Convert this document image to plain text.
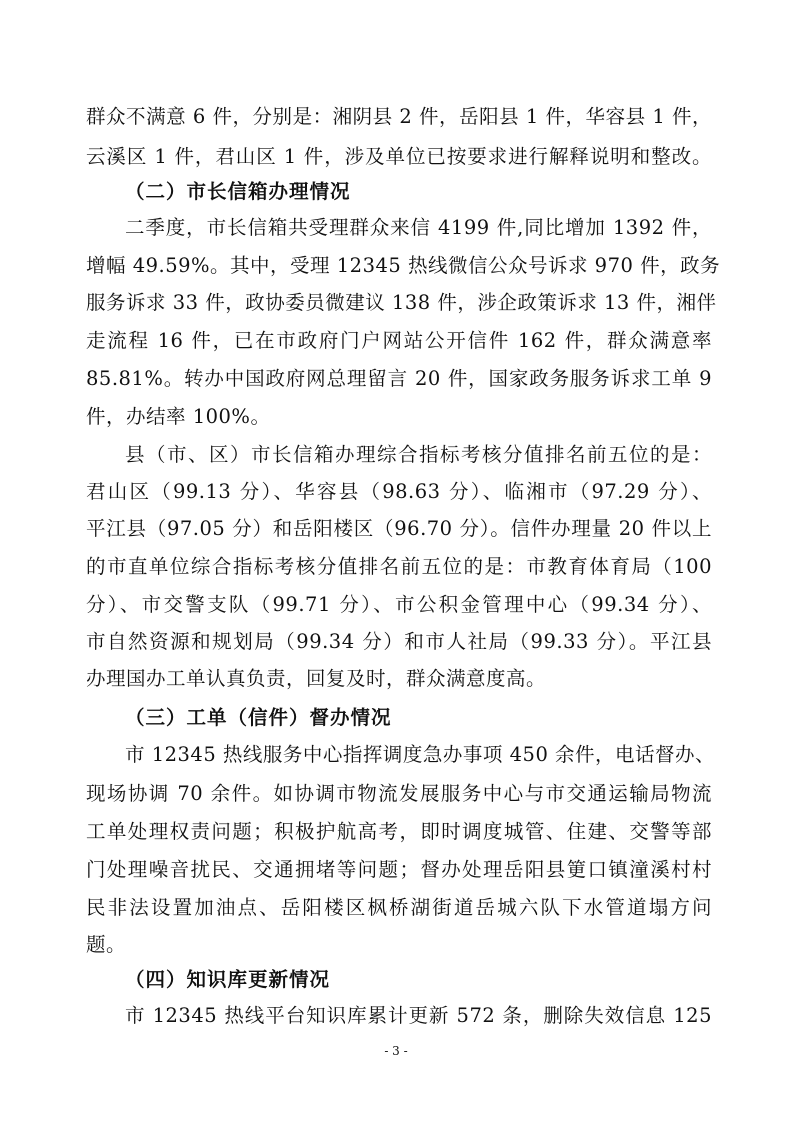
群众不满意 6 件，分别是：湘阴县 2 件，岳阳县 1 件，华容县 1 件，
云溪区 1 件，君山区 1 件，涉及单位已按要求进行解释说明和整改。
（二）市长信箱办理情况
二季度，市长信箱共受理群众来信 4199 件,同比增加 1392 件，
增幅 49.59%。其中，受理 12345 热线微信公众号诉求 970 件，政务
服务诉求 33 件，政协委员微建议 138 件，涉企政策诉求 13 件，湘伴
走流程 16 件，已在市政府门户网站公开信件 162 件，群众满意率
85.81%。转办中国政府网总理留言 20 件，国家政务服务诉求工单 9
件，办结率 100%。
县（市、区）市长信箱办理综合指标考核分值排名前五位的是：
君山区（99.13 分）、华容县（98.63 分）、临湘市（97.29 分）、
平江县（97.05 分）和岳阳楼区（96.70 分）。信件办理量 20 件以上
的市直单位综合指标考核分值排名前五位的是：市教育体育局（100
分）、市交警支队（99.71 分）、市公积金管理中心（99.34 分）、
市自然资源和规划局（99.34 分）和市人社局（99.33 分）。平江县
办理国办工单认真负责，回复及时，群众满意度高。
（三）工单（信件）督办情况
市 12345 热线服务中心指挥调度急办事项 450 余件，电话督办、
现场协调 70 余件。如协调市物流发展服务中心与市交通运输局物流
工单处理权责问题；积极护航高考，即时调度城管、住建、交警等部
门处理噪音扰民、交通拥堵等问题；督办处理岳阳县筻口镇潼溪村村
民非法设置加油点、岳阳楼区枫桥湖街道岳城六队下水管道塌方问
题。
（四）知识库更新情况
市 12345 热线平台知识库累计更新 572 条，删除失效信息 125
- 3 -
